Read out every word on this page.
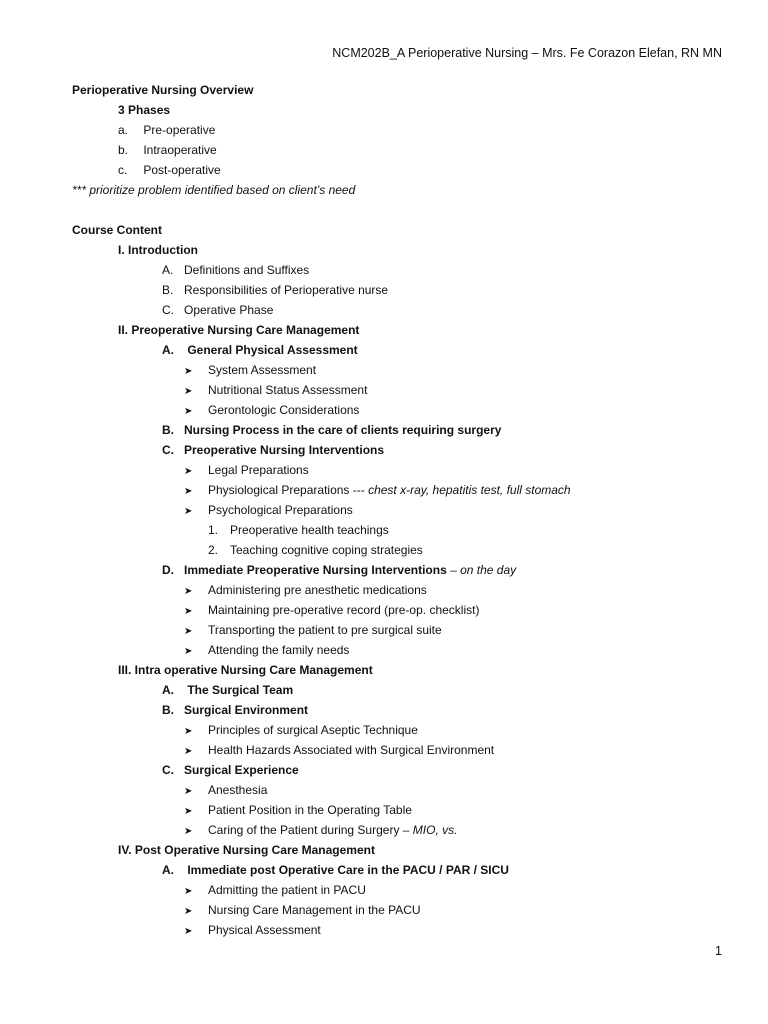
NCM202B_A Perioperative Nursing – Mrs. Fe Corazon Elefan, RN MN
Perioperative Nursing Overview
3 Phases
a. Pre-operative
b. Intraoperative
c. Post-operative
*** prioritize problem identified based on client’s need
Course Content
I. Introduction
A. Definitions and Suffixes
B. Responsibilities of Perioperative nurse
C. Operative Phase
II. Preoperative Nursing Care Management
A. General Physical Assessment
➤ System Assessment
➤ Nutritional Status Assessment
➤ Gerontologic Considerations
B. Nursing Process in the care of clients requiring surgery
C. Preoperative Nursing Interventions
➤ Legal Preparations
➤ Physiological Preparations --- chest x-ray, hepatitis test, full stomach
➤ Psychological Preparations
1. Preoperative health teachings
2. Teaching cognitive coping strategies
D. Immediate Preoperative Nursing Interventions – on the day
➤ Administering pre anesthetic medications
➤ Maintaining pre-operative record (pre-op. checklist)
➤ Transporting the patient to pre surgical suite
➤ Attending the family needs
III. Intra operative Nursing Care Management
A. The Surgical Team
B. Surgical Environment
➤ Principles of surgical Aseptic Technique
➤ Health Hazards Associated with Surgical Environment
C. Surgical Experience
➤ Anesthesia
➤ Patient Position in the Operating Table
➤ Caring of the Patient during Surgery – MIO, vs.
IV. Post Operative Nursing Care Management
A. Immediate post Operative Care in the PACU / PAR / SICU
➤ Admitting the patient in PACU
➤ Nursing Care Management in the PACU
➤ Physical Assessment
1
